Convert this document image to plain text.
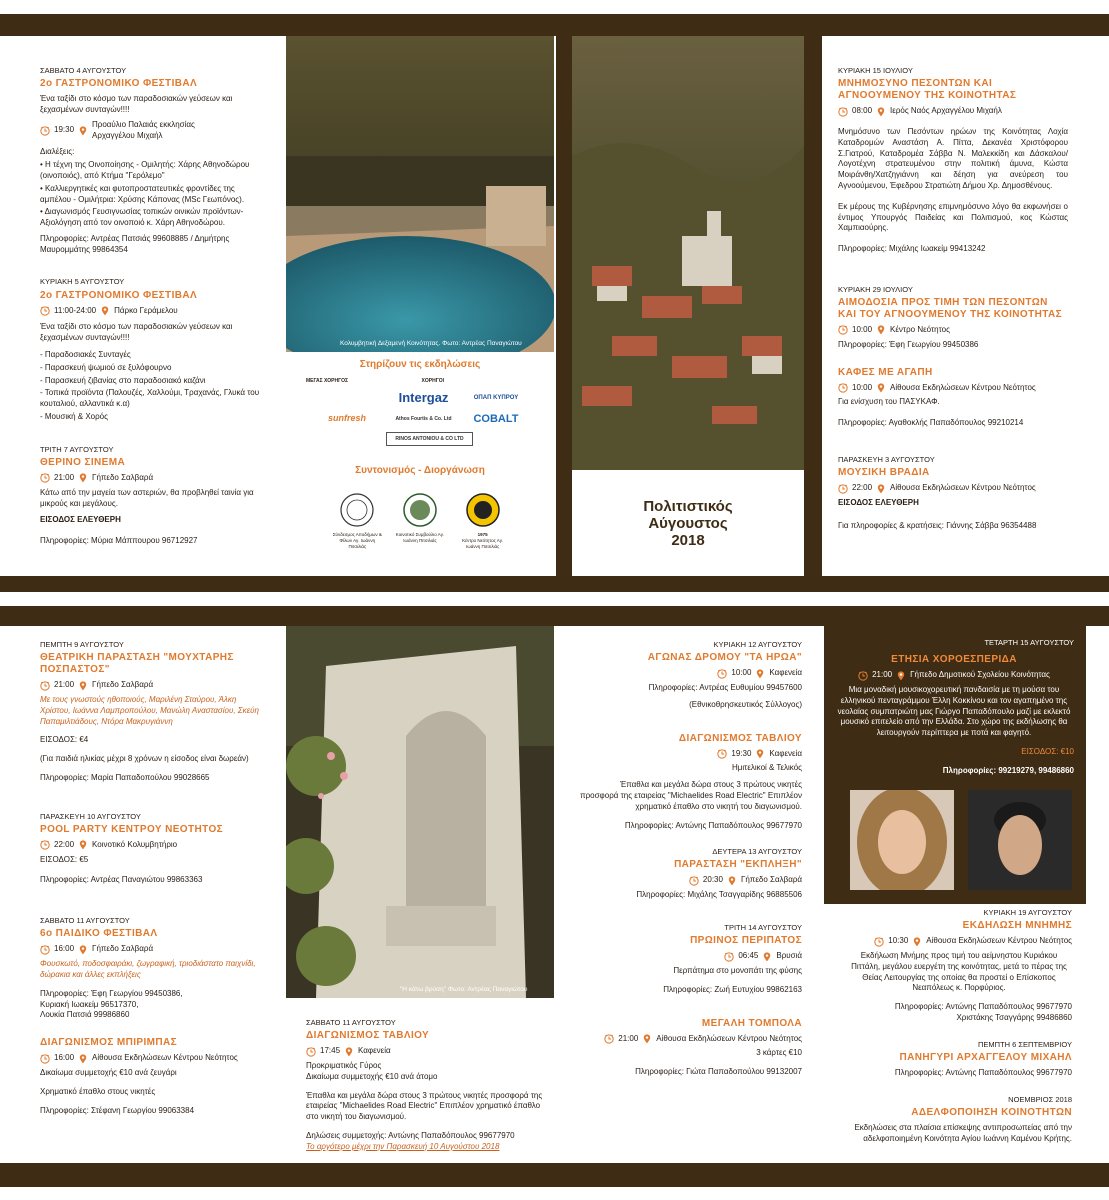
ΣΑΒΒΑΤΟ 4 ΑΥΓΟΥΣΤΟΥ
2ο ΓΑΣΤΡΟΝΟΜΙΚΟ ΦΕΣΤΙΒΑΛ
Ένα ταξίδι στο κόσμο των παραδοσιακών γεύσεων και ξεχασμένων συνταγών!!!!
19:30
Προαύλιο Παλαιάς εκκλησίας Αρχαγγέλου Μιχαήλ

Διαλέξεις:

• Η τέχνη της Οινοποίησης - Ομιλητής: Χάρης Αθηνοδώρου (οινοποιός), από Κτήμα "Γερόλεμο"

• Καλλιεργητικές και φυτοπροστατευτικές φροντίδες της αμπέλου - Ομιλήτρια: Χρύσης Κάπονας (MSc Γεωπόνος).

• Διαγωνισμός Γευσιγνωσίας τοπικών οινικών προϊόντων- Αξιολόγηση από τον οινοποιό κ. Χάρη Αθηνοδώρου.

Πληροφορίες: Αντρέας Πατσιάς 99608885 / Δημήτρης Μαυρομμάτης 99864354
ΚΥΡΙΑΚΗ 5 ΑΥΓΟΥΣΤΟΥ
2ο ΓΑΣΤΡΟΝΟΜΙΚΟ ΦΕΣΤΙΒΑΛ
11:00-24:00 Πάρκο Γεράμελου
Ένα ταξίδι στο κόσμο των παραδοσιακών γεύσεων και ξεχασμένων συνταγών!!!!

- Παραδοσιακές Συνταγές

- Παρασκευή ψωμιού σε ξυλόφουρνο

- Παρασκευή ζιβανίας στο παραδοσιακό καζάνι

- Τοπικά προϊόντα (Παλουζές, Χαλλούμι, Τραχανάς, Γλυκά του κουταλιού, αλλαντικά κ.α)

- Μουσική & Χορός

ΤΡΙΤΗ 7 ΑΥΓΟΥΣΤΟΥ
ΘΕΡΙΝΟ ΣΙΝΕΜΑ
21:00 Γήπεδο Σαλβαρά
Κάτω από την μαγεία των αστεριών, θα προβληθεί ταινία για μικρούς και μεγάλους.
ΕΙΣΟΔΟΣ ΕΛΕΥΘΕΡΗ
Πληροφορίες: Μύρια Μάππουρου 96712927
Κολυμβητική Δεξαμενή Κοινότητας. Φωτο: Αντρέας Παναγιώτου
Στηρίζουν τις εκδηλώσεις
ΜΕΓΑΣ ΧΟΡΗΓΟΣ	ΧΟΡΗΓΟΙ
sunfresh
Intergaz	ΟΠΑΠ ΚΥΠΡΟΥ
Athos Fourtis & Co. Ltd	COBALT
RINOS ANTONIOU & CO LTD
Συντονισμός - Διοργάνωση
Σύνδεσμος Αποδήμων & Φίλων Αγ. Ιωάννη Πιτσιλιάς
Κοινοτικό Συμβούλιο Αγ. Ιωάννη Πιτσιλιάς
1975
Κέντρο Νεότητος Αγ. Ιωάννη Πιτσιλιάς
Πολιτιστικός
Αύγουστος
2018
ΚΥΡΙΑΚΗ 15 ΙΟΥΛΙΟΥ
ΜΝΗΜΟΣΥΝΟ ΠΕΣΟΝΤΩΝ ΚΑΙ ΑΓΝΟΟΥΜΕΝΟΥ ΤΗΣ ΚΟΙΝΟΤΗΤΑΣ
08:00 Ιερός Ναός Αρχαγγέλου Μιχαήλ
Μνημόσυνο των Πεσόντων ηρώων της Κοινότητας Λοχία Καταδρομών Αναστάση Α. Πίττα, Δεκανέα Χριστόφορου Σ.Γιατρού, Καταδρομέα Σάββα Ν. Μαλεκκίδη και Δάσκαλου/ Λογοτέχνη στρατευμένου στην πολιτική άμυνα, Κώστα Μοιράνθη/Χατζηγιάννη και δέηση για ανεύρεση του Αγνοούμενου, Έφεδρου Στρατιώτη Δήμου Χρ. Δημοσθένους.
Εκ μέρους της Κυβέρνησης επιμνημόσυνο λόγο θα εκφωνήσει ο έντιμος Υπουργός Παιδείας και Πολιτισμού, κος Κώστας Χαμπιαούρης.
Πληροφορίες: Μιχάλης Ιωακείμ 99413242
ΚΥΡΙΑΚΗ 29 ΙΟΥΛΙΟΥ
ΑΙΜΟΔΟΣΙΑ ΠΡΟΣ ΤΙΜΗ ΤΩΝ ΠΕΣΟΝΤΩΝ ΚΑΙ ΤΟΥ ΑΓΝΟΟΥΜΕΝΟΥ ΤΗΣ ΚΟΙΝΟΤΗΤΑΣ
10:00 Κέντρο Νεότητος
Πληροφορίες: Έφη Γεωργίου 99450386
ΚΑΦΕΣ ΜΕ ΑΓΑΠΗ
10:00 Αίθουσα Εκδηλώσεων Κέντρου Νεότητος
Για ενίσχυση του ΠΑΣΥΚΑΦ.
Πληροφορίες: Αγαθοκλής Παπαδόπουλος 99210214
ΠΑΡΑΣΚΕΥΗ 3 ΑΥΓΟΥΣΤΟΥ
ΜΟΥΣΙΚΗ ΒΡΑΔΙΑ
22:00 Αίθουσα Εκδηλώσεων Κέντρου Νεότητος
ΕΙΣΟΔΟΣ ΕΛΕΥΘΕΡΗ
Για πληροφορίες & κρατήσεις: Γιάννης Σάββα 96354488
ΠΕΜΠΤΗ 9 ΑΥΓΟΥΣΤΟΥ
ΘΕΑΤΡΙΚΗ ΠΑΡΑΣΤΑΣΗ "ΜΟΥΧΤΑΡΗΣ ΠΟΣΠΑΣΤΟΣ"
21:00 Γήπεδο Σαλβαρά
Με τους γνωστούς ηθοποιούς, Μαριλένη Σταύρου, Άλκη Χρίστου, Ιωάννα Λαμπροπούλου, Μανώλη Αναστασίου, Σκεύη Παπαμιλτιάδους, Ντόρα Μακρυγιάννη
ΕΙΣΟΔΟΣ: €4
(Για παιδιά ηλικίας μέχρι 8 χρόνων η είσοδος είναι δωρεάν)
Πληροφορίες: Μαρία Παπαδοπούλου 99028665
ΠΑΡΑΣΚΕΥΗ 10 ΑΥΓΟΥΣΤΟΥ
POOL PARTY ΚΕΝΤΡΟΥ ΝΕΟΤΗΤΟΣ
22:00 Κοινοτικό Κολυμβητήριο
ΕΙΣΟΔΟΣ: €5
Πληροφορίες: Αντρέας Παναγιώτου 99863363
ΣΑΒΒΑΤΟ 11 ΑΥΓΟΥΣΤΟΥ
6ο ΠΑΙΔΙΚΟ ΦΕΣΤΙΒΑΛ
16:00 Γήπεδο Σαλβαρά
Φουσκωτό, ποδοσφαιράκι, ζωγραφική, τριοδιάστατο παιχνίδι, δώρακια και άλλες εκπλήξεις
Πληροφορίες: Έφη Γεωργίου 99450386,
Κυριακή Ιωακείμ 96517370,
Λουκία Πατσιά 99986860
ΔΙΑΓΩΝΙΣΜΟΣ ΜΠΙΡΙΜΠΑΣ
16:00 Αίθουσα Εκδηλώσεων Κέντρου Νεότητος
Δικαίωμα συμμετοχής €10 ανά ζευγάρι
Χρηματικό έπαθλο στους νικητές
Πληροφορίες: Στέφανη Γεωργίου 99063384
"Η κάτω βρύση" Φωτο: Αντρέας Παναγιώτου
ΣΑΒΒΑΤΟ 11 ΑΥΓΟΥΣΤΟΥ
ΔΙΑΓΩΝΙΣΜΟΣ ΤΑΒΛΙΟΥ
17:45 Καφενεία
Προκριματικός Γύρος
Δικαίωμα συμμετοχής €10 ανά άτομο
Έπαθλα και μεγάλα δώρα στους 3 πρώτους νικητές προσφορά της εταιρείας "Michaelides Road Electric" Επιπλέον χρηματικό έπαθλο στο νικητή του διαγωνισμού.
Δηλώσεις συμμετοχής: Αντώνης Παπαδόπουλος 99677970
Το αργότερο μέχρι την Παρασκευή 10 Αυγούστου 2018
ΚΥΡΙΑΚΗ 12 ΑΥΓΟΥΣΤΟΥ
ΑΓΩΝΑΣ ΔΡΟΜΟΥ "ΤΑ ΗΡΩΑ"
10:00 Καφενεία
Πληροφορίες: Αντρέας Ευθυμίου 99457600
(Εθνικοθρησκευτικός Σύλλογος)
ΔΙΑΓΩΝΙΣΜΟΣ ΤΑΒΛΙΟΥ
19:30 Καφενεία
Ημιτελικοί & Τελικός
Έπαθλα και μεγάλα δώρα στους 3 πρώτους νικητές προσφορά της εταιρείας "Michaelides Road Electric" Επιπλέον χρηματικό έπαθλο στο νικητή του διαγωνισμού.
Πληροφορίες: Αντώνης Παπαδόπουλος 99677970
ΔΕΥΤΕΡΑ 13 ΑΥΓΟΥΣΤΟΥ
ΠΑΡΑΣΤΑΣΗ "ΕΚΠΛΗΞΗ"
20:30 Γήπεδο Σαλβαρά
Πληροφορίες: Μιχάλης Τσαγγαρίδης 96885506
ΤΡΙΤΗ 14 ΑΥΓΟΥΣΤΟΥ
ΠΡΩΙΝΟΣ ΠΕΡΙΠΑΤΟΣ
06:45 Βρυσιά
Περπάτημα στο μονοπάτι της φύσης
Πληροφορίες: Ζωή Ευτυχίου 99862163
ΜΕΓΑΛΗ ΤΟΜΠΟΛΑ
21:00 Αίθουσα Εκδηλώσεων Κέντρου Νεότητος
3 κάρτες €10
Πληροφορίες: Γιώτα Παπαδοπούλου 99132007
ΤΕΤΑΡΤΗ 15 ΑΥΓΟΥΣΤΟΥ
ΕΤΗΣΙΑ ΧΟΡΟΕΣΠΕΡΙΔΑ
21:00 Γήπεδο Δημοτικού Σχολείου Κοινότητας
Μια μοναδική μουσικοχορευτική πανδαισία με τη μούσα του ελληνικού πενταγράμμου Έλλη Κοκκίνου και τον αγαπημένο της νεολαίας συμπατριώτη μας Γιώργο Παπαδόπουλο μαζί με εκλεκτό μουσικό επιτελείο από την Ελλάδα. Στο χώρο της εκδήλωσης θα λειτουργούν περίπτερα με ποτά και φαγητό.
ΕΙΣΟΔΟΣ: €10
Πληροφορίες: 99219279, 99486860
ΚΥΡΙΑΚΗ 19 ΑΥΓΟΥΣΤΟΥ
ΕΚΔΗΛΩΣΗ ΜΝΗΜΗΣ
10:30 Αίθουσα Εκδηλώσεων Κέντρου Νεότητος
Εκδήλωση Μνήμης προς τιμή του αείμνηστου Κυριάκου Πιττάλη, μεγάλου ευεργέτη της κοινότητας, μετά το πέρας της Θείας Λειτουργίας της οποίας θα προστεί ο Επίσκοπος Νεαπόλεως κ. Πορφύριος.
Πληροφορίες: Αντώνης Παπαδόπουλος 99677970
Χριστάκης Τσαγγάρης 99486860
ΠΕΜΠΤΗ 6 ΣΕΠΤΕΜΒΡΙΟΥ
ΠΑΝΗΓΥΡΙ ΑΡΧΑΓΓΕΛΟΥ ΜΙΧΑΗΛ
Πληροφορίες: Αντώνης Παπαδόπουλος 99677970
ΝΟΕΜΒΡΙΟΣ 2018
ΑΔΕΛΦΟΠΟΙΗΣΗ ΚΟΙΝΟΤΗΤΩΝ
Εκδηλώσεις στα πλαίσια επίσκεψης αντιπροσωπείας από την αδελφοποιημένη Κοινότητα Αγίου Ιωάννη Καμένου Κρήτης.
